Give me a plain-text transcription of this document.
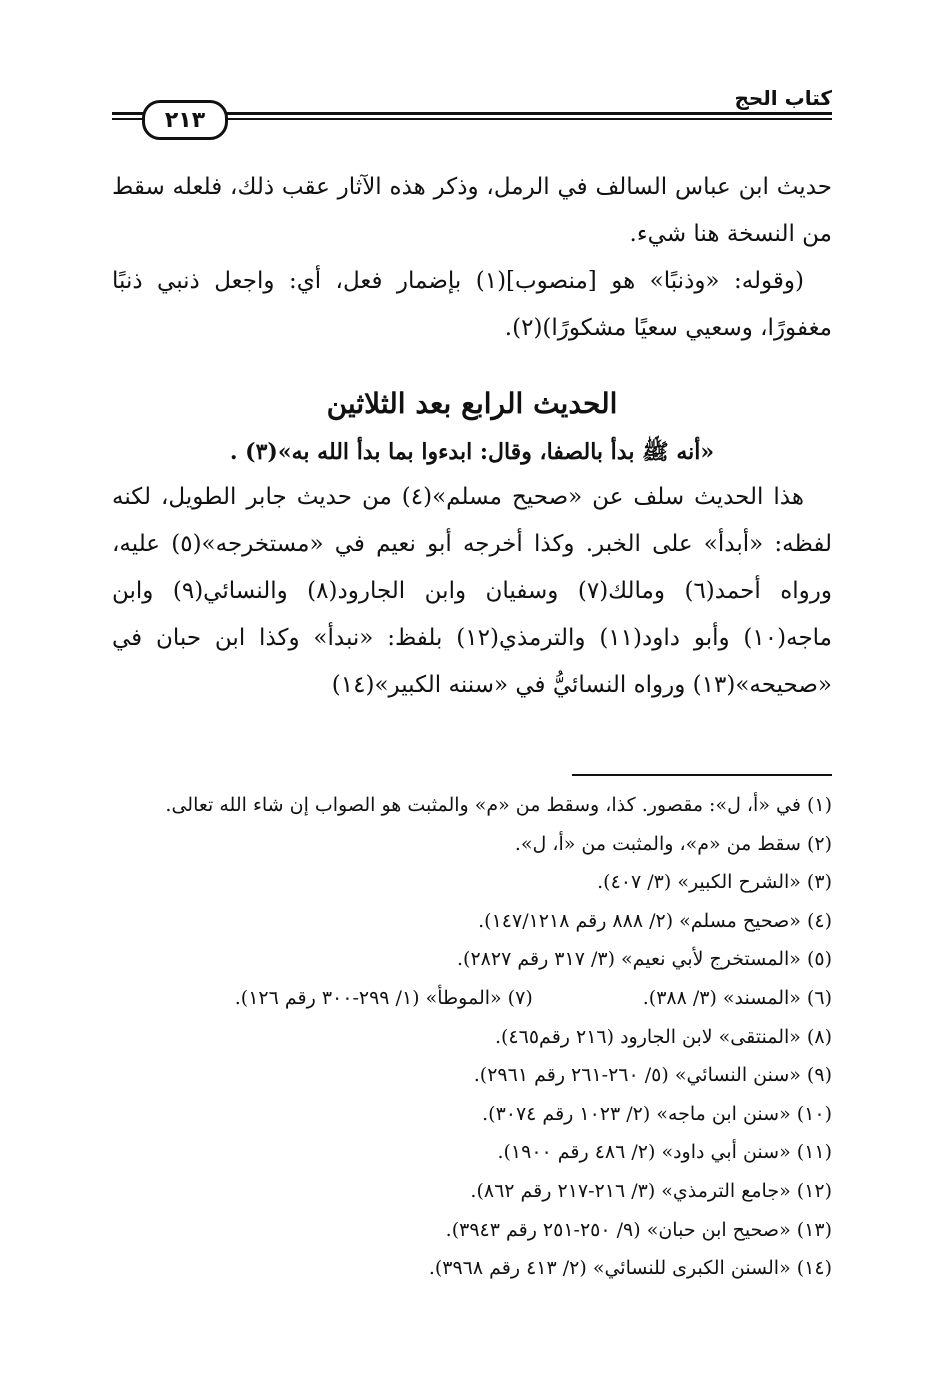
كتاب الحج
٢١٣

حديث ابن عباس السالف في الرمل، وذكر هذه الآثار عقب ذلك، فلعله سقط من النسخة هنا شيء.

(وقوله: «وذنبًا» هو [منصوب](١) بإضمار فعل، أي: واجعل ذنبي ذنبًا مغفورًا، وسعيي سعيًا مشكورًا)(٢).

الحديث الرابع بعد الثلاثين

«أنه ﷺ بدأ بالصفا، وقال: ابدءوا بما بدأ الله به»(٣) .

هذا الحديث سلف عن «صحيح مسلم»(٤) من حديث جابر الطويل، لكنه لفظه: «أبدأ» على الخبر. وكذا أخرجه أبو نعيم في «مستخرجه»(٥) عليه، ورواه أحمد(٦) ومالك(٧) وسفيان وابن الجارود(٨) والنسائي(٩) وابن ماجه(١٠) وأبو داود(١١) والترمذي(١٢) بلفظ: «نبدأ» وكذا ابن حبان في «صحيحه»(١٣) ورواه النسائيُّ في «سننه الكبير»(١٤)

(١) في «أ، ل»: مقصور. كذا، وسقط من «م» والمثبت هو الصواب إن شاء الله تعالى.
(٢) سقط من «م»، والمثبت من «أ، ل».
(٣) «الشرح الكبير» (٣/ ٤٠٧).
(٤) «صحيح مسلم» (٢/ ٨٨٨ رقم ١٤٧/١٢١٨).
(٥) «المستخرج لأبي نعيم» (٣/ ٣١٧ رقم ٢٨٢٧).
(٦) «المسند» (٣/ ٣٨٨).
(٧) «الموطأ» (١/ ٢٩٩-٣٠٠ رقم ١٢٦).
(٨) «المنتقى» لابن الجارود (٢١٦ رقم٤٦٥).
(٩) «سنن النسائي» (٥/ ٢٦٠-٢٦١ رقم ٢٩٦١).
(١٠) «سنن ابن ماجه» (٢/ ١٠٢٣ رقم ٣٠٧٤).
(١١) «سنن أبي داود» (٢/ ٤٨٦ رقم ١٩٠٠).
(١٢) «جامع الترمذي» (٣/ ٢١٦-٢١٧ رقم ٨٦٢).
(١٣) «صحيح ابن حبان» (٩/ ٢٥٠-٢٥١ رقم ٣٩٤٣).
(١٤) «السنن الكبرى للنسائي» (٢/ ٤١٣ رقم ٣٩٦٨).
